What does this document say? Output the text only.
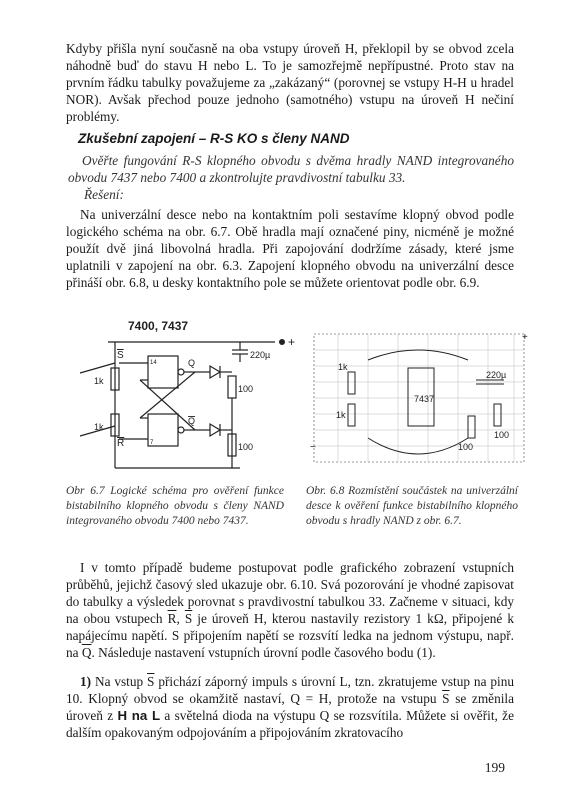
Kdyby přišla nyní současně na oba vstupy úroveň H, překlopil by se obvod zcela náhodně buď do stavu H nebo L. To je samozřejmě nepřípustné. Proto stav na prvním řádku tabulky považujeme za „zakázaný“ (porovnej se vstupy H-H u hradel NOR). Avšak přechod pouze jednoho (samotného) vstupu na úroveň H nečiní problémy.
Zkušební zapojení – R-S KO s členy NAND
Ověřte fungování R-S klopného obvodu s dvěma hradly NAND integrovaného obvodu 7437 nebo 7400 a zkontrolujte pravdivostní tabulku 33.
Řešení:
Na univerzální desce nebo na kontaktním poli sestavíme klopný obvod podle logického schéma na obr. 6.7. Obě hradla mají označené piny, nicméně je možné použít dvě jiná libovolná hradla. Při zapojování dodržíme zásady, které jsme uplatnili v zapojení na obr. 6.3. Zapojení klopného obvodu na univerzální desce přináší obr. 6.8, u desky kontaktního pole se můžete orientovat podle obr. 6.9.
7400, 7437
+
S
R
1k
1k
Q
Q
220µ
100
100
14
7
1k
1k
7437
220µ
100
100
+
−
Obr 6.7 Logické schéma pro ověření funkce bistabilního klopného obvodu s členy NAND integrovaného obvodu 7400 nebo 7437.
Obr. 6.8 Rozmístění součástek na univerzální desce k ověření funkce bistabilního klopného obvodu s hradly NAND z obr. 6.7.
I v tomto případě budeme postupovat podle grafického zobrazení vstupních průběhů, jejichž časový sled ukazuje obr. 6.10. Svá pozorování je vhodné zapisovat do tabulky a výsledek porovnat s pravdivostní tabulkou 33. Začneme v situaci, kdy na obou vstupech $\overline{R}$, $\overline{S}$ je úroveň H, kterou nastavily rezistory 1 kΩ, připojené k napájecímu napětí. S připojením napětí se rozsvítí ledka na jednom výstupu, např. na $\overline{Q}$. Následuje nastavení vstupních úrovní podle časového bodu (1).
1) Na vstup $\overline{S}$ přichází záporný impuls s úrovní L, tzn. zkratujeme vstup na pinu 10. Klopný obvod se okamžitě nastaví, Q = H, protože na vstupu $\overline{S}$ se změnila úroveň z H na L a světelná dioda na výstupu Q se rozsvítila. Můžete si ověřit, že dalším opakovaným odpojováním a připojováním zkratovacího
199
